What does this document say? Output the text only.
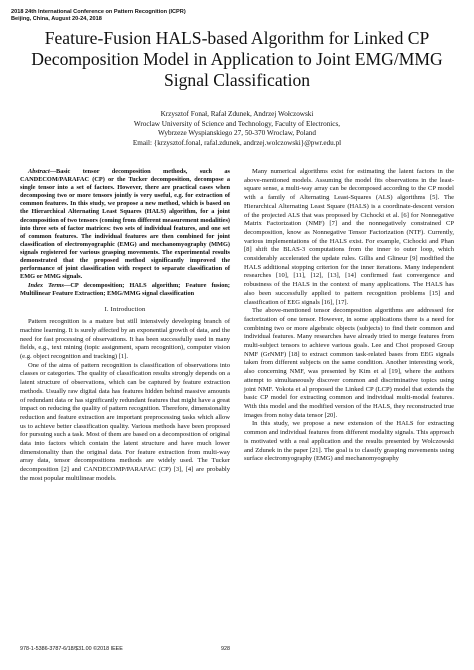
2018 24th International Conference on Pattern Recognition (ICPR)
Beijing, China, August 20-24, 2018
Feature-Fusion HALS-based Algorithm for Linked CP Decomposition Model in Application to Joint EMG/MMG Signal Classification
Krzysztof Fonał, Rafał Zdunek, Andrzej Wołczowski
Wroclaw University of Science and Technology, Faculty of Electronics,
Wybrzeze Wyspianskiego 27, 50-370 Wroclaw, Poland
Email: {krzysztof.fonal, rafal.zdunek, andrzej.wolczowski}@pwr.edu.pl

Abstract—Basic tensor decomposition methods, such as CANDECOM/PARAFAC (CP) or the Tucker decomposition, decompose a single tensor into a set of factors. However, there are practical cases when decomposing two or more tensors jointly is very useful, e.g. for extraction of common features. In this study, we propose a new method, which is based on the Hierarchical Alternating Least Squares (HALS) algorithm, for a joint decomposition of two tensors (coming from different measurement modalities) into three sets of factor matrices: two sets of individual features, and one set of common features. The individual features are then combined for joint classification of electromyographic (EMG) and mechanomyography (MMG) signals registered for various grasping movements. The experimental results demonstrated that the proposed method significantly improved the performance of joint classification with respect to separate classification of EMG or MMG signals.

Index Terms—CP decomposition; HALS algorithm; Feature fusion; Multilinear Feature Extraction; EMG/MMG signal classification

I. Introduction

Pattern recognition is a mature but still intensively developing branch of machine learning. It is surely affected by an exponential growth of data, and the need for fast processing of observations. It has been successfully used in many fields, e.g., text mining (topic assignment, spam recognition), computer vision (e.g. object recognition and tracking) [1].

One of the aims of pattern recognition is classification of observations into classes or categories. The quality of classification results strongly depends on a latent structure of observations, which can be captured by feature extraction methods. Usually raw digital data has features hidden behind massive amounts of redundant data or has significantly redundant features that might have a great impact on reducing the quality of pattern recognition. Therefore, dimensionality reduction and feature extraction are important preprocessing tasks which allow us to achieve better classification quality. Various methods have been proposed for pursuing such a task. Most of them are based on a decomposition of original data into factors which contain the latent structure and have much lower dimensionality than the original data. For feature extraction from multi-way array data, tensor decompositions methods are widely used. The Tucker decomposition [2] and CANDECOMP/PARAFAC (CP) [3], [4] are probably the most popular multilinear models.

Many numerical algorithms exist for estimating the latent factors in the above-mentioned models. Assuming the model fits observations in the least-square sense, a multi-way array can be decomposed according to the CP model with a family of Alternating Least-Squares (ALS) algorithms [5]. The Hierarchical Alternating Least Square (HALS) is a coordinate-descent version of the projected ALS that was proposed by Cichocki et al. [6] for Nonnegative Matrix Factorization (NMF) [7] and the nonnegatively constrained CP decomposition, know as Nonnegative Tensor Factorization (NTF). Currently, various implementations of the HALS exist. For example, Cichocki and Phan [8] shift the BLAS-3 computations from the inner to outer loop, which considerably accelerated the update rules. Gillis and Glineur [9] modified the HALS additional stopping criterion for the inner iterations. Many independent researches [10], [11], [12], [13], [14] confirmed fast convergence and robustness of the HALS in the context of many applications. The HALS has also been successfully applied to pattern recognition problems [15] and classification of EEG signals [16], [17].

The above-mentioned tensor decomposition algorithms are addressed for factorization of one tensor. However, in some applications there is a need for combining two or more algebraic objects (subjects) to find their common and individual features. Many researches have already tried to merge features from multi-subject tensors to achieve various goals. Lee and Choi proposed Group NMF (GrNMF) [18] to extract common task-related bases from EEG signals taken from different subjects on the same condition. Another interesting work, also concerning NMF, was presented by Kim et al [19], where the authors attempt to simultaneously discover common and discriminative topics using joint NMF. Yokota et al proposed the Linked CP (LCP) model that extends the basic CP model for extracting common and individual multi-modal features. With this model and the modified version of the HALS, they reconstructed true images from noisy data tensor [20].

In this study, we propose a new extension of the HALS for extracting common and individual features from different modality signals. This approach is motivated with a real application and the results presented by Wolczowski and Zdunek in the paper [21]. The goal is to classify grasping movements using surface electromyography (EMG) and mechanomyography

978-1-5386-3787-6/18/$31.00 ©2018 IEEE	928
